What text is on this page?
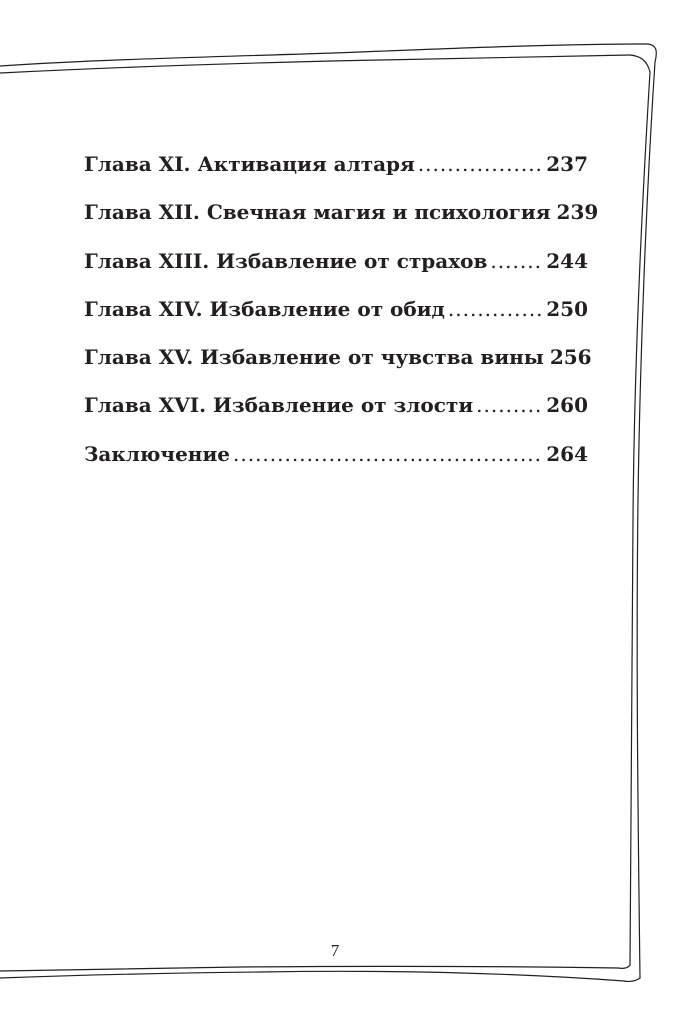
Глава XI. Активация алтаря .....	237
Глава XII. Свечная магия и психология 239
Глава XIII. Избавление от страхов .....	244
Глава XIV. Избавление от обид .....	250
Глава XV. Избавление от чувства вины 256
Глава XVI. Избавление от злости .....	260
Заключение .....	264
7
